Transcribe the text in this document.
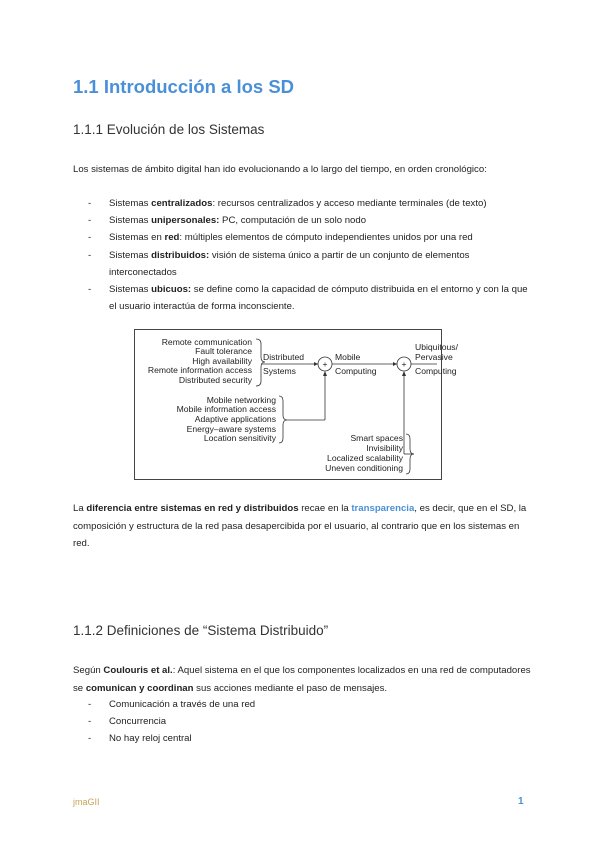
1.1 Introducción a los SD
1.1.1 Evolución de los Sistemas
Los sistemas de ámbito digital han ido evolucionando a lo largo del tiempo, en orden cronológico:
- Sistemas centralizados: recursos centralizados y acceso mediante terminales (de texto)
- Sistemas unipersonales: PC, computación de un solo nodo
- Sistemas en red: múltiples elementos de cómputo independientes unidos por una red
- Sistemas distribuidos: visión de sistema único a partir de un conjunto de elementos interconectados
- Sistemas ubicuos: se define como la capacidad de cómputo distribuida en el entorno y con la que el usuario interactúa de forma inconsciente.
Remote communication
Fault tolerance
High availability
Remote information access
Distributed security
Distributed
Systems
+
Mobile
Computing
+
Ubiquitous/
Pervasive
Computing
Mobile networking
Mobile information access
Adaptive applications
Energy–aware systems
Location sensitivity	Smart spaces
Invisibility
Localized scalability
Uneven conditioning
La diferencia entre sistemas en red y distribuidos recae en la transparencia, es decir, que en el SD, la composición y estructura de la red pasa desapercibida por el usuario, al contrario que en los sistemas en red.
1.1.2 Definiciones de “Sistema Distribuido”
Según Coulouris et al.: Aquel sistema en el que los componentes localizados en una red de computadores se comunican y coordinan sus acciones mediante el paso de mensajes.
- Comunicación a través de una red
- Concurrencia
- No hay reloj central
jmaGII	1
